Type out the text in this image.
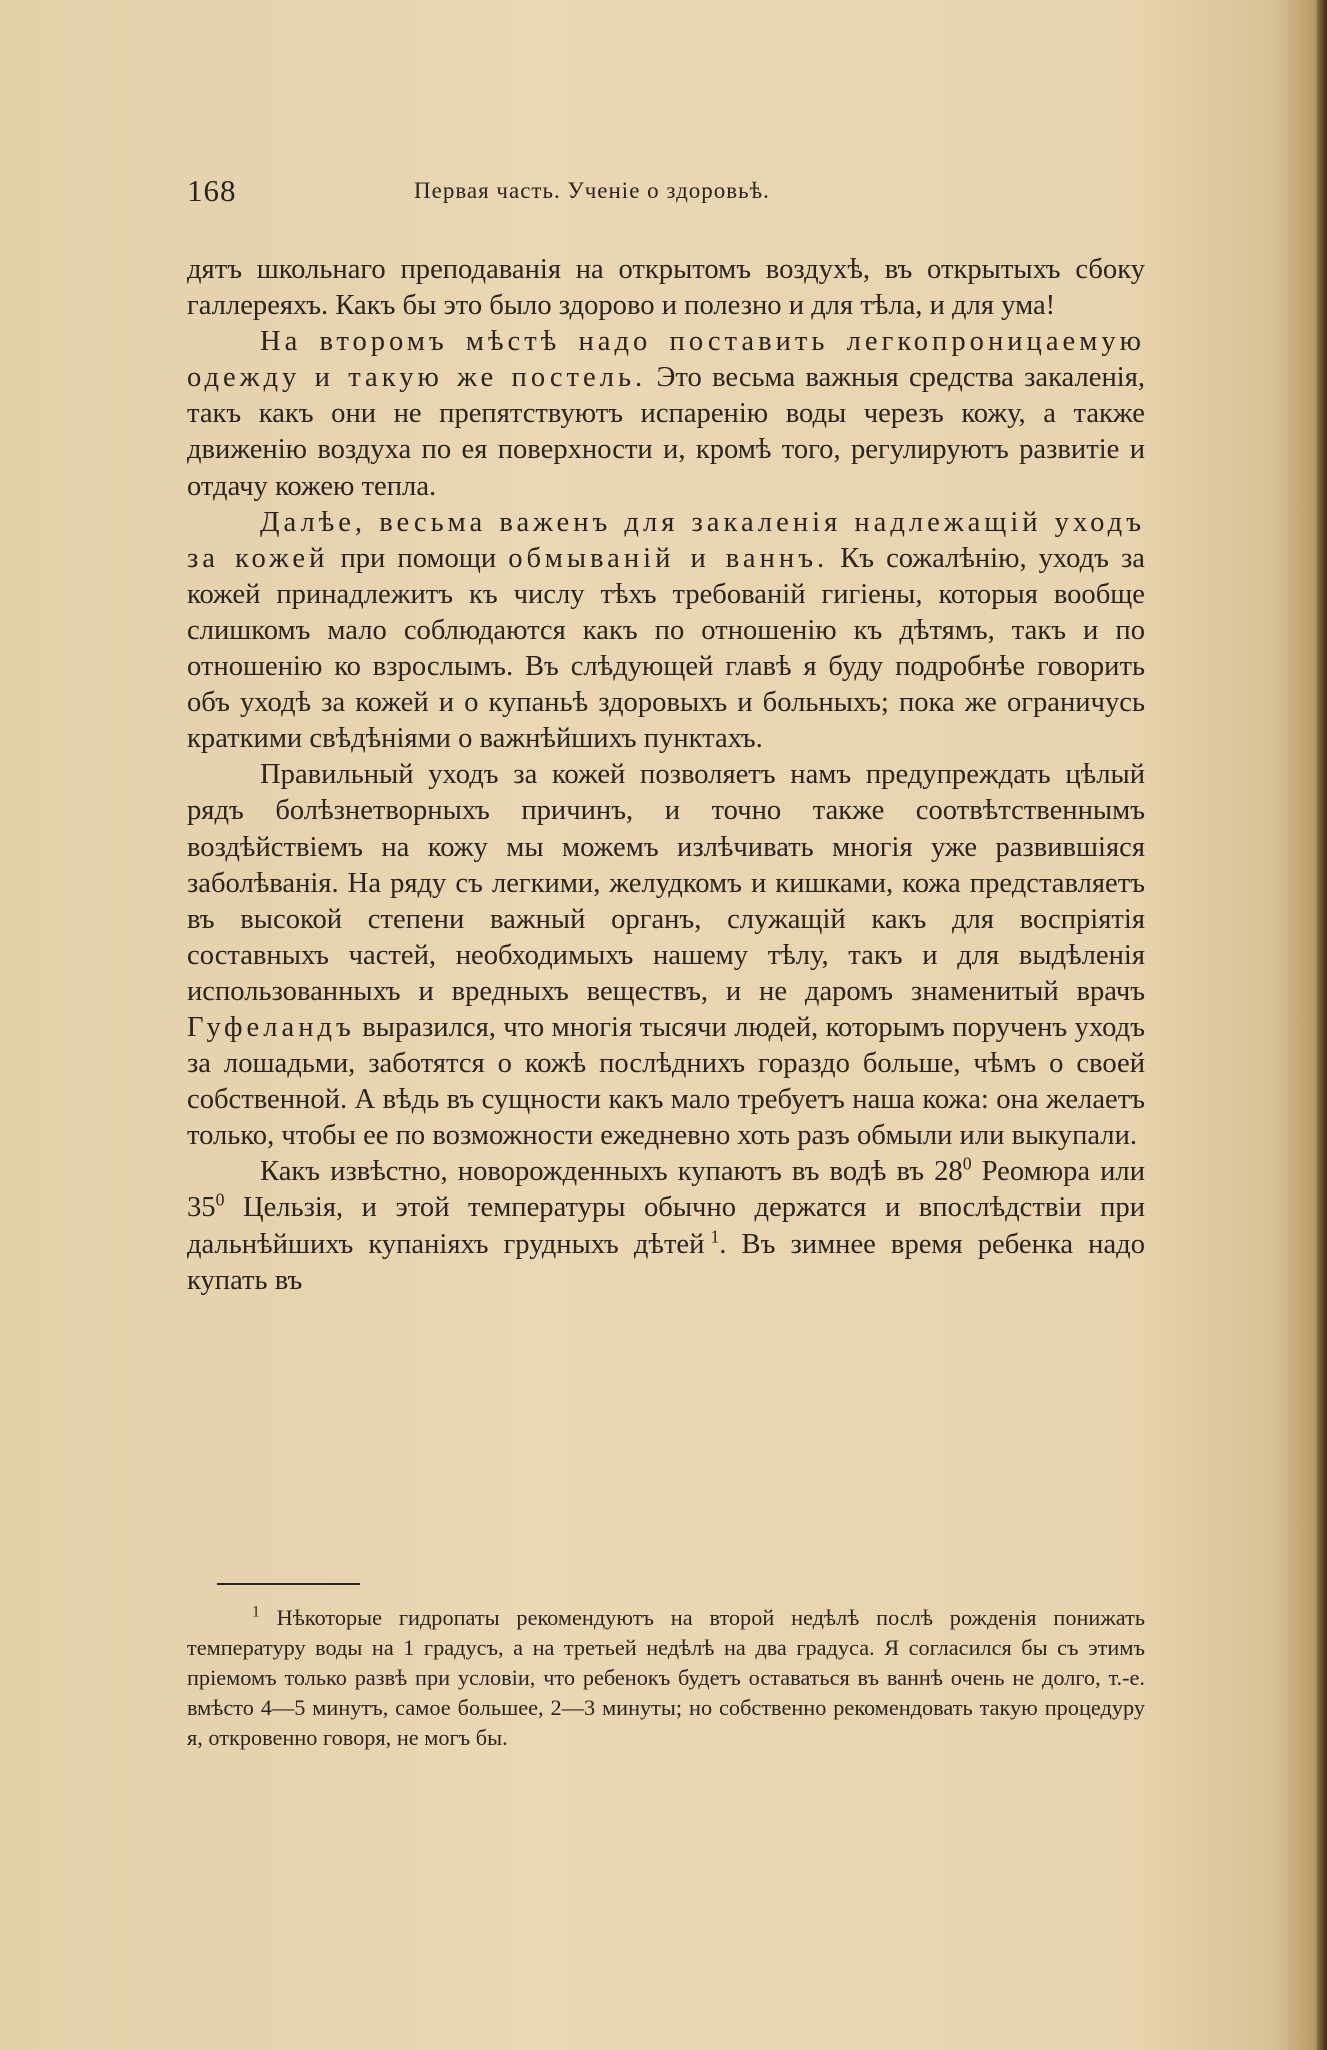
168	Первая часть. Ученіе о здоровьѣ.

дятъ школьнаго преподаванія на открытомъ воздухѣ, въ открытыхъ сбоку галлереяхъ. Какъ бы это было здорово и полезно и для тѣла, и для ума!

На второмъ мѣстѣ надо поставить легкопроницаемую одежду и такую же постель. Это весьма важныя средства закаленія, такъ какъ они не препятствуютъ испаренію воды черезъ кожу, а также движенію воздуха по ея поверхности и, кромѣ того, регулируютъ развитіе и отдачу кожею тепла.

Далѣе, весьма важенъ для закаленія надлежащій уходъ за кожей при помощи обмываній и ваннъ. Къ сожалѣнію, уходъ за кожей принадлежитъ къ числу тѣхъ требованій гигіены, которыя вообще слишкомъ мало соблюдаются какъ по отношенію къ дѣтямъ, такъ и по отношенію ко взрослымъ. Въ слѣдующей главѣ я буду подробнѣе говорить объ уходѣ за кожей и о купаньѣ здоровыхъ и больныхъ; пока же ограничусь краткими свѣдѣніями о важнѣйшихъ пунктахъ.

Правильный уходъ за кожей позволяетъ намъ предупреждать цѣлый рядъ болѣзнетворныхъ причинъ, и точно также соотвѣтственнымъ воздѣйствіемъ на кожу мы можемъ излѣчивать многія уже развившіяся заболѣванія. На ряду съ легкими, желудкомъ и кишками, кожа представляетъ въ высокой степени важный органъ, служащій какъ для воспріятія составныхъ частей, необходимыхъ нашему тѣлу, такъ и для выдѣленія использованныхъ и вредныхъ веществъ, и не даромъ знаменитый врачъ Гуфеландъ выразился, что многія тысячи людей, которымъ порученъ уходъ за лошадьми, заботятся о кожѣ послѣднихъ гораздо больше, чѣмъ о своей собственной. А вѣдь въ сущности какъ мало требуетъ наша кожа: она желаетъ только, чтобы ее по возможности ежедневно хоть разъ обмыли или выкупали.

Какъ извѣстно, новорожденныхъ купаютъ въ водѣ въ $28^0$ Реомюра или $35^0$ Цельзія, и этой температуры обычно держатся и впослѣдствіи при дальнѣйшихъ купаніяхъ грудныхъ дѣтей $^1$. Въ зимнее время ребенка надо купать въ

$^1$ Нѣкоторые гидропаты рекомендуютъ на второй недѣлѣ послѣ рожденія понижать температуру воды на 1 градусъ, а на третьей недѣлѣ на два градуса. Я согласился бы съ этимъ пріемомъ только развѣ при условіи, что ребенокъ будетъ оставаться въ ваннѣ очень не долго, т.-е. вмѣсто 4—5 минутъ, самое большее, 2—3 минуты; но собственно рекомендовать такую процедуру я, откровенно говоря, не могъ бы.
